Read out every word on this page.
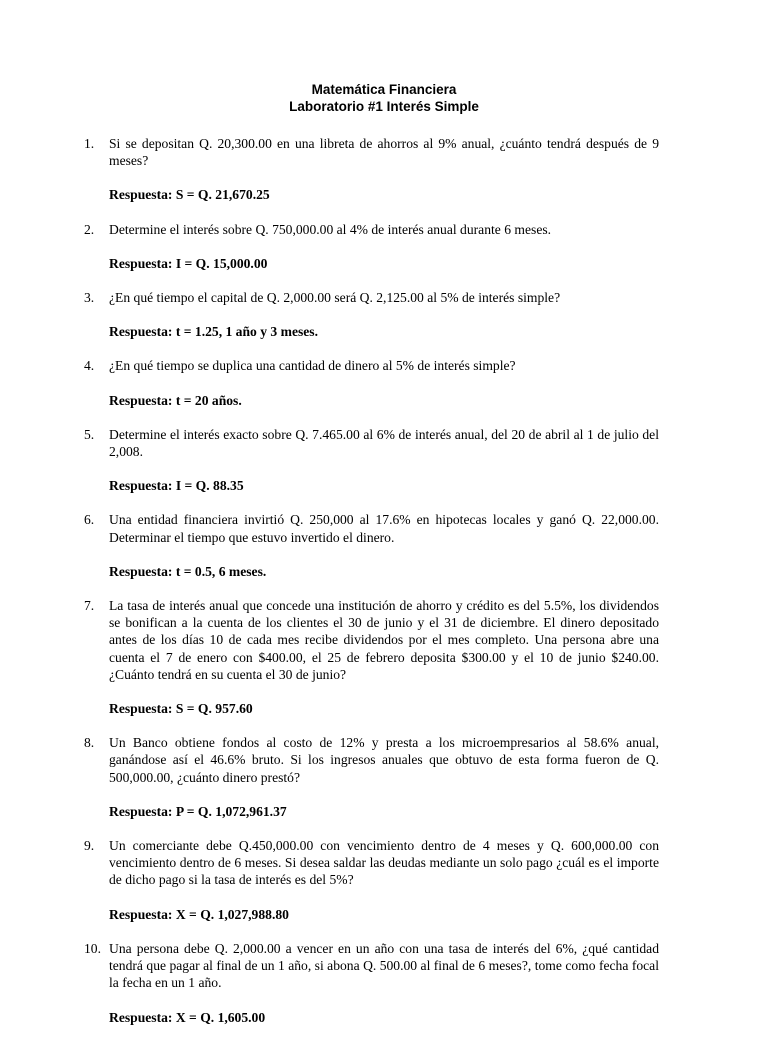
Matemática Financiera
Laboratorio #1 Interés Simple
1. Si se depositan Q. 20,300.00 en una libreta de ahorros al 9% anual, ¿cuánto tendrá después de 9 meses?
Respuesta: S = Q. 21,670.25
2. Determine el interés sobre Q. 750,000.00 al 4% de interés anual durante 6 meses.
Respuesta: I = Q. 15,000.00
3. ¿En qué tiempo el capital de Q. 2,000.00 será Q. 2,125.00 al 5% de interés simple?
Respuesta: t = 1.25, 1 año y 3 meses.
4. ¿En qué tiempo se duplica una cantidad de dinero al 5% de interés simple?
Respuesta: t = 20 años.
5. Determine el interés exacto sobre Q. 7.465.00 al 6% de interés anual, del 20 de abril al 1 de julio del 2,008.
Respuesta: I = Q. 88.35
6. Una entidad financiera invirtió Q. 250,000 al 17.6% en hipotecas locales y ganó Q. 22,000.00. Determinar el tiempo que estuvo invertido el dinero.
Respuesta: t = 0.5, 6 meses.
7. La tasa de interés anual que concede una institución de ahorro y crédito es del 5.5%, los dividendos se bonifican a la cuenta de los clientes el 30 de junio y el 31 de diciembre. El dinero depositado antes de los días 10 de cada mes recibe dividendos por el mes completo. Una persona abre una cuenta el 7 de enero con $400.00, el 25 de febrero deposita $300.00 y el 10 de junio $240.00. ¿Cuánto tendrá en su cuenta el 30 de junio?
Respuesta: S = Q. 957.60
8. Un Banco obtiene fondos al costo de 12% y presta a los microempresarios al 58.6% anual, ganándose así el 46.6% bruto. Si los ingresos anuales que obtuvo de esta forma fueron de Q. 500,000.00, ¿cuánto dinero prestó?
Respuesta: P = Q. 1,072,961.37
9. Un comerciante debe Q.450,000.00 con vencimiento dentro de 4 meses y Q. 600,000.00 con vencimiento dentro de 6 meses. Si desea saldar las deudas mediante un solo pago ¿cuál es el importe de dicho pago si la tasa de interés es del 5%?
Respuesta: X = Q. 1,027,988.80
10. Una persona debe Q. 2,000.00 a vencer en un año con una tasa de interés del 6%, ¿qué cantidad tendrá que pagar al final de un 1 año, si abona Q. 500.00 al final de 6 meses?, tome como fecha focal la fecha en un 1 año.
Respuesta: X = Q. 1,605.00
